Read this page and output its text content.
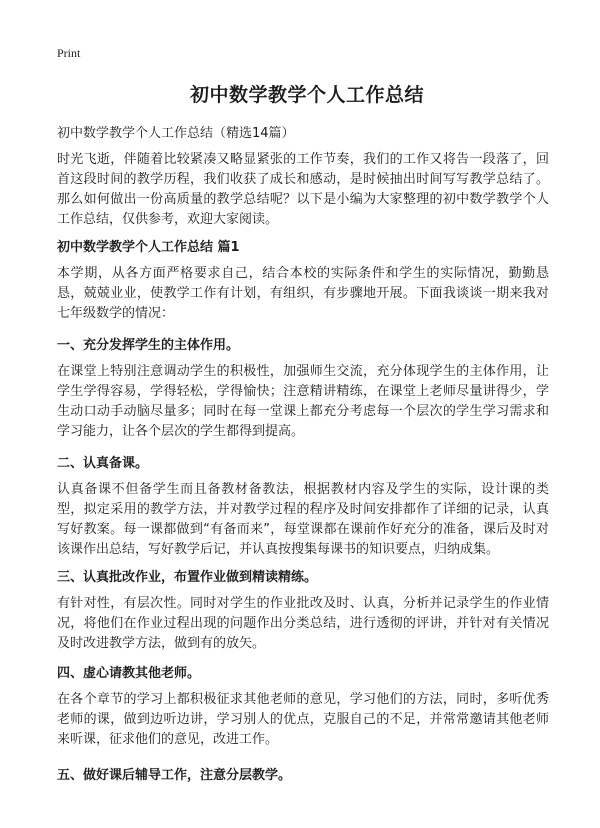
Print
初中数学教学个人工作总结
初中数学教学个人工作总结（精选14篇）

时光飞逝，伴随着比较紧凑又略显紧张的工作节奏，我们的工作又将告一段落了，回首这段时间的教学历程，我们收获了成长和感动，是时候抽出时间写写教学总结了。那么如何做出一份高质量的教学总结呢？以下是小编为大家整理的初中数学教学个人工作总结，仅供参考，欢迎大家阅读。

初中数学教学个人工作总结 篇1

本学期，从各方面严格要求自己，结合本校的实际条件和学生的实际情况，勤勤恳恳，兢兢业业，使教学工作有计划，有组织，有步骤地开展。下面我谈谈一期来我对七年级数学的情况：

一、充分发挥学生的主体作用。

在课堂上特别注意调动学生的积极性，加强师生交流，充分体现学生的主体作用，让学生学得容易，学得轻松，学得愉快；注意精讲精练，在课堂上老师尽量讲得少，学生动口动手动脑尽量多；同时在每一堂课上都充分考虑每一个层次的学生学习需求和学习能力，让各个层次的学生都得到提高。

二、认真备课。

认真备课不但备学生而且备教材备教法，根据教材内容及学生的实际，设计课的类型，拟定采用的教学方法，并对教学过程的程序及时间安排都作了详细的记录，认真写好教案。每一课都做到“有备而来”，每堂课都在课前作好充分的准备，课后及时对该课作出总结，写好教学后记，并认真按搜集每课书的知识要点，归纳成集。

三、认真批改作业，布置作业做到精读精练。

有针对性，有层次性。同时对学生的作业批改及时、认真，分析并记录学生的作业情况，将他们在作业过程出现的问题作出分类总结，进行透彻的评讲，并针对有关情况及时改进教学方法，做到有的放矢。

四、虚心请教其他老师。

在各个章节的学习上都积极征求其他老师的意见，学习他们的方法，同时，多听优秀老师的课，做到边听边讲，学习别人的优点，克服自己的不足，并常常邀请其他老师来听课，征求他们的意见，改进工作。

五、做好课后辅导工作，注意分层教学。
